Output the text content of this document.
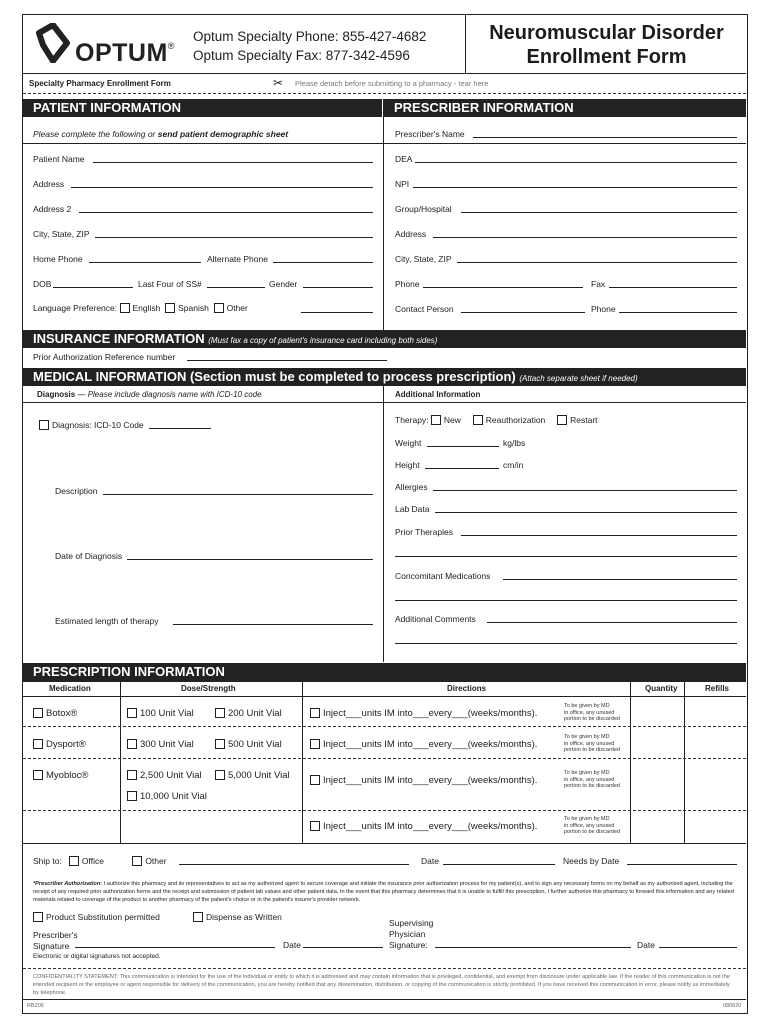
OPTUM®
Optum Specialty Phone: 855-427-4682
Optum Specialty Fax: 877-342-4596
Neuromuscular Disorder
Enrollment Form
Specialty Pharmacy Enrollment Form	✂ Please detach before submitting to a pharmacy - tear here
PATIENT INFORMATION	PRESCRIBER INFORMATION
Please complete the following or send patient demographic sheet
Patient Name
Address
Address 2
City, State, ZIP
Home Phone	Alternate Phone
DOB	Last Four of SS#	Gender
Language Preference: English Spanish Other
Prescriber's Name
DEA
NPI
Group/Hospital
Address
City, State, ZIP
Phone	Fax
Contact Person	Phone
INSURANCE INFORMATION (Must fax a copy of patient's insurance card including both sides)
Prior Authorization Reference number
MEDICAL INFORMATION (Section must be completed to process prescription) (Attach separate sheet if needed)
Diagnosis — Please include diagnosis name with ICD-10 code	Additional Information
Diagnosis: ICD-10 Code
Description
Date of Diagnosis
Estimated length of therapy
Therapy: New	Reauthorization	Restart
Weight	kg/lbs
Height	cm/in
Allergies
Lab Data
Prior Therapies
Concomitant Medications
Additional Comments
PRESCRIPTION INFORMATION
Medication	Dose/Strength	Directions	Quantity	Refills
Botox®	100 Unit Vial	200 Unit Vial	Inject___units IM into___every___(weeks/months).
To be given by MD
in office, any unused
portion to be discarded
Dysport®	300 Unit Vial	500 Unit Vial	Inject___units IM into___every___(weeks/months).
To be given by MD
in office, any unused
portion to be discarded
Myobloc®	2,500 Unit Vial	5,000 Unit Vial
10,000 Unit Vial
Inject___units IM into___every___(weeks/months).
To be given by MD
in office, any unused
portion to be discarded
Inject___units IM into___every___(weeks/months).
To be given by MD
in office, any unused
portion to be discarded
Ship to: Office	Other	Date	Needs by Date
*Prescriber Authorization: I authorize this pharmacy and its representatives to act as my authorized agent to secure coverage and initiate the insurance prior authorization process for my patient(s), and to sign any necessary forms on my behalf as my authorized agent, including the receipt of any required prior authorization forms and the receipt and submission of patient lab values and other patient data. In the event that this pharmacy determines that it is unable to fulfill this prescription, I further authorize this pharmacy to forward this information and any related materials related to coverage of the product to another pharmacy of the patient's choice or in the patient's insurer's provider network.
Product Substitution permitted	Dispense as Written
Prescriber's
Signature	Date
Supervising
Physician
Signature:	Date
Electronic or digital signatures not accepted.
CONFIDENTIALITY STATEMENT: This communication is intended for the use of the individual or entity to which it is addressed and may contain information that is privileged, confidential, and exempt from disclosure under applicable law. If the reader of this communication is not the intended recipient or the employee or agent responsible for delivery of the communication, you are hereby notified that any dissemination, distribution, or copying of the communication is strictly prohibited. If you have received this communication in error, please notify us immediately by telephone.
RB206	080620
